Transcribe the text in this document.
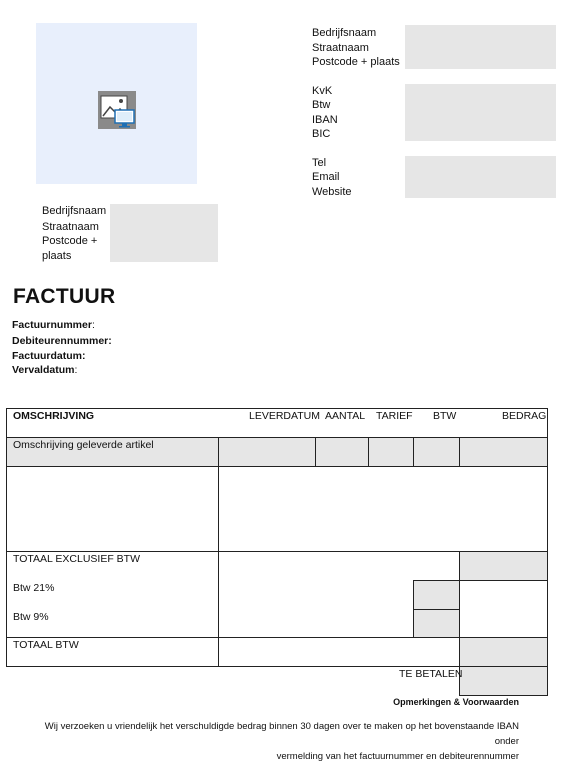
Bedrijfsnaam
Straatnaam
Postcode + plaats
KvK
Btw
IBAN
BIC
Tel
Email
Website
Bedrijfsnaam
Straatnaam
Postcode +
plaats
FACTUUR
Factuurnummer:
Debiteurennummer:
Factuurdatum:
Vervaldatum:
OMSCHRIJVING	LEVERDATUM AANTAL TARIEF BTW	BEDRAG
Omschrijving geleverde artikel
TOTAAL EXCLUSIEF BTW
Btw 21%
Btw 9%
TOTAAL BTW
TE BETALEN
Opmerkingen & Voorwaarden
Wij verzoeken u vriendelijk het verschuldigde bedrag binnen 30 dagen over te maken op het bovenstaande IBAN onder
vermelding van het factuurnummer en debiteurennummer
